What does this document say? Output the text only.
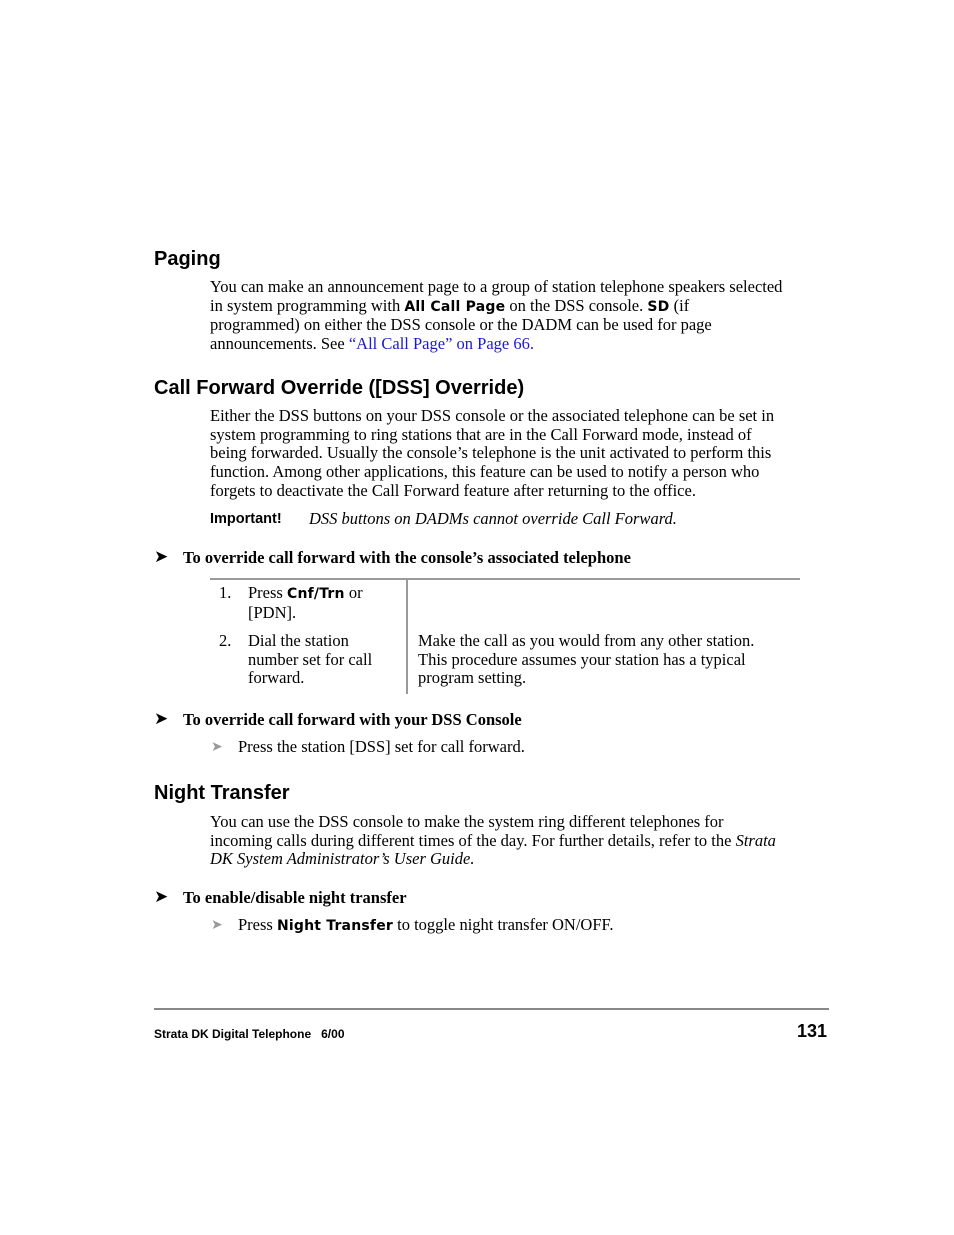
Paging
You can make an announcement page to a group of station telephone speakers selected
in system programming with All Call Page on the DSS console. SD (if
programmed) on either the DSS console or the DADM can be used for page
announcements. See “All Call Page” on Page 66.
Call Forward Override ([DSS] Override)
Either the DSS buttons on your DSS console or the associated telephone can be set in
system programming to ring stations that are in the Call Forward mode, instead of
being forwarded. Usually the console’s telephone is the unit activated to perform this
function. Among other applications, this feature can be used to notify a person who
forgets to deactivate the Call Forward feature after returning to the office.
Important! DSS buttons on DADMs cannot override Call Forward.
➤ To override call forward with the console’s associated telephone
1. Press Cnf/Trn or
[PDN].
2. Dial the station
number set for call
forward.
Make the call as you would from any other station.
This procedure assumes your station has a typical
program setting.
➤ To override call forward with your DSS Console
➤ Press the station [DSS] set for call forward.
Night Transfer
You can use the DSS console to make the system ring different telephones for
incoming calls during different times of the day. For further details, refer to the Strata
DK System Administrator’s User Guide.
➤ To enable/disable night transfer
➤ Press Night Transfer to toggle night transfer ON/OFF.
Strata DK Digital Telephone   6/00	131
